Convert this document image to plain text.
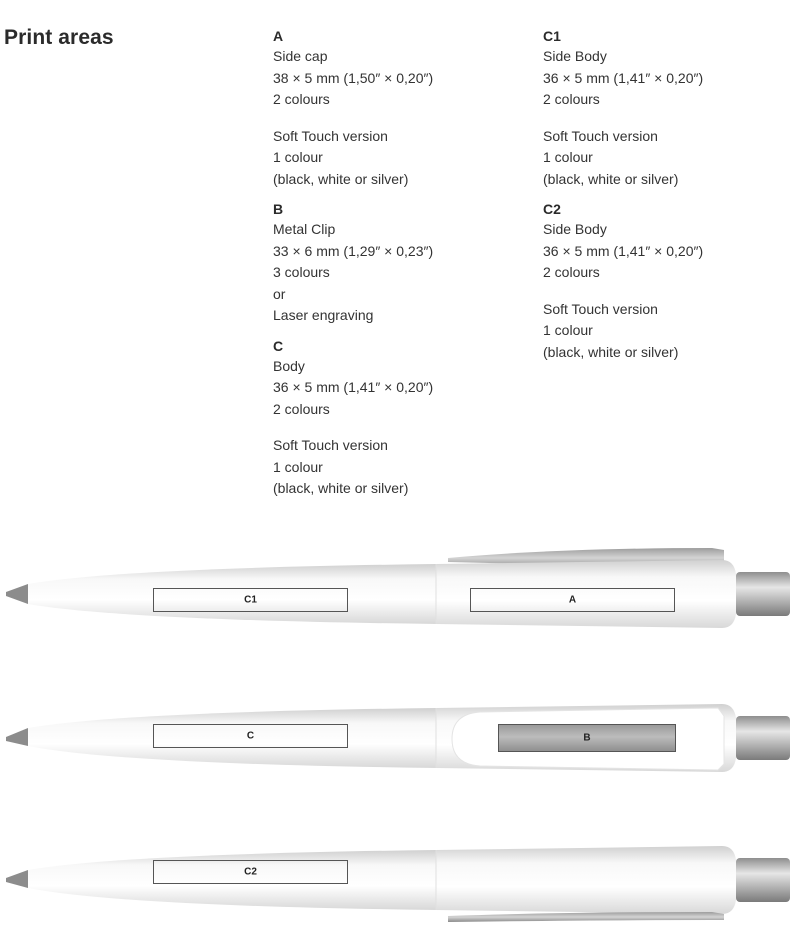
Print areas	A
Side cap
38 × 5 mm (1,50″ × 0,20″)
2 colours
Soft Touch version
1 colour
(black, white or silver)
B
Metal Clip
33 × 6 mm (1,29″ × 0,23″)
3 colours
or
Laser engraving
C
Body
36 × 5 mm (1,41″ × 0,20″)
2 colours
Soft Touch version
1 colour
(black, white or silver)
C1
Side Body
36 × 5 mm (1,41″ × 0,20″)
2 colours
Soft Touch version
1 colour
(black, white or silver)
C2
Side Body
36 × 5 mm (1,41″ × 0,20″)
2 colours
Soft Touch version
1 colour
(black, white or silver)
C1	A
C	B
C2
